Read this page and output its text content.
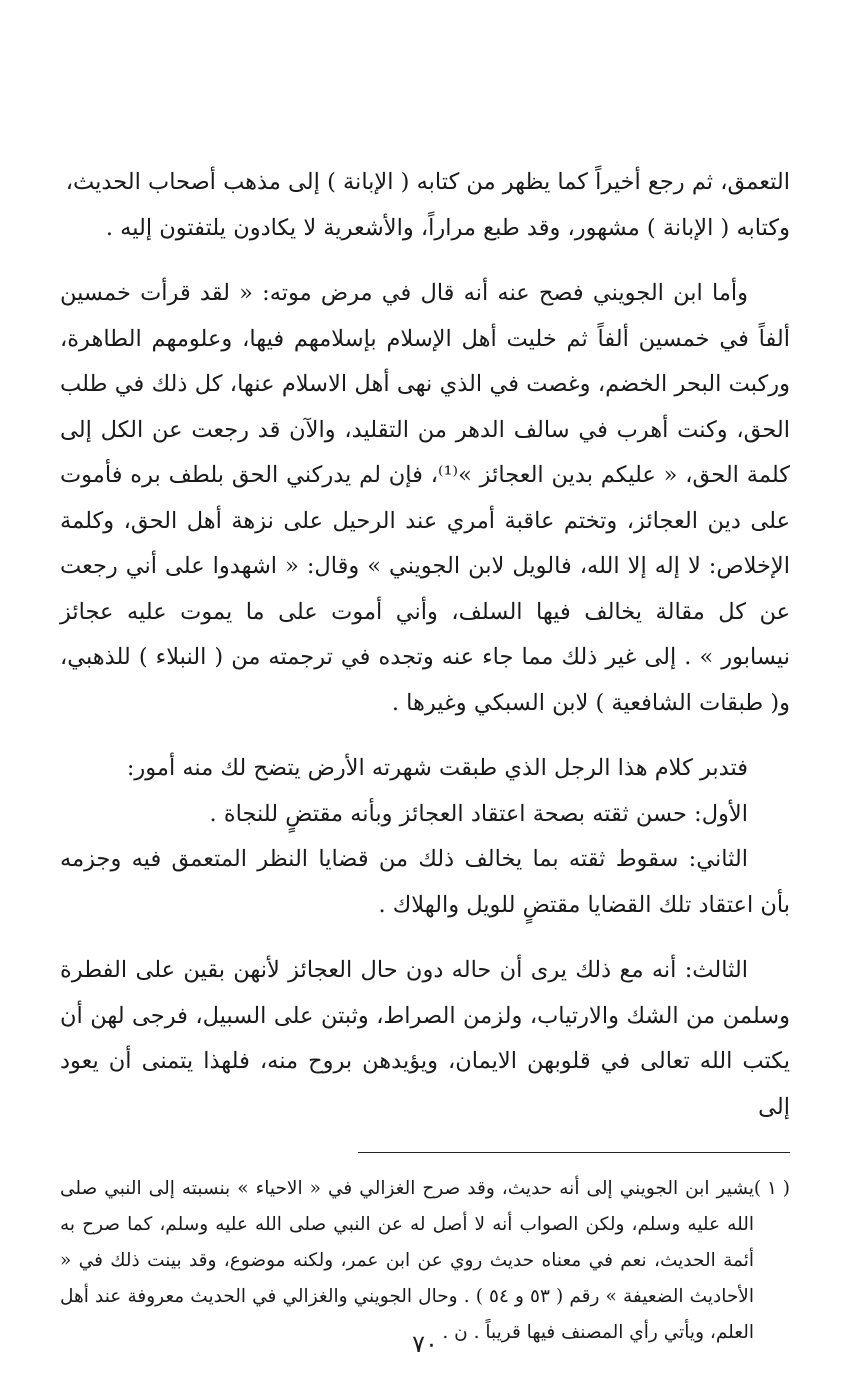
التعمق، ثم رجع أخيراً كما يظهر من كتابه ( الإبانة ) إلى مذهب أصحاب الحديث،

وكتابه ( الإبانة ) مشهور، وقد طبع مراراً، والأشعرية لا يكادون يلتفتون إليه .

وأما ابن الجويني فصح عنه أنه قال في مرض موته: « لقد قرأت خمسين ألفاً في خمسين ألفاً ثم خليت أهل الإسلام بإسلامهم فيها، وعلومهم الطاهرة، وركبت البحر الخضم، وغصت في الذي نهى أهل الاسلام عنها، كل ذلك في طلب الحق، وكنت أهرب في سالف الدهر من التقليد، والآن قد رجعت عن الكل إلى كلمة الحق، « عليكم بدين العجائز »⁽¹⁾، فإن لم يدركني الحق بلطف بره فأموت على دين العجائز، وتختم عاقبة أمري عند الرحيل على نزهة أهل الحق، وكلمة الإخلاص: لا إله إلا الله، فالويل لابن الجويني » وقال: « اشهدوا على أني رجعت عن كل مقالة يخالف فيها السلف، وأني أموت على ما يموت عليه عجائز نيسابور » . إلى غير ذلك مما جاء عنه وتجده في ترجمته من ( النبلاء ) للذهبي، و( طبقات الشافعية ) لابن السبكي وغيرها .

فتدبر كلام هذا الرجل الذي طبقت شهرته الأرض يتضح لك منه أمور:

الأول: حسن ثقته بصحة اعتقاد العجائز وبأنه مقتضٍ للنجاة .

الثاني: سقوط ثقته بما يخالف ذلك من قضايا النظر المتعمق فيه وجزمه بأن اعتقاد تلك القضايا مقتضٍ للويل والهلاك .

الثالث: أنه مع ذلك يرى أن حاله دون حال العجائز لأنهن بقين على الفطرة وسلمن من الشك والارتياب، ولزمن الصراط، وثبتن على السبيل، فرجى لهن أن يكتب الله تعالى في قلوبهن الايمان، ويؤيدهن بروح منه، فلهذا يتمنى أن يعود إلى

( ١ )
يشير ابن الجويني إلى أنه حديث، وقد صرح الغزالي في « الاحياء » بنسبته إلى النبي صلى الله عليه وسلم، ولكن الصواب أنه لا أصل له عن النبي صلى الله عليه وسلم، كما صرح به أئمة الحديث، نعم في معناه حديث روي عن ابن عمر، ولكنه موضوع، وقد بينت ذلك في « الأحاديث الضعيفة » رقم ( ٥٣ و ٥٤ ) . وحال الجويني والغزالي في الحديث معروفة عند أهل العلم، ويأتي رأي المصنف فيها قريباً . ن .

٧٠
